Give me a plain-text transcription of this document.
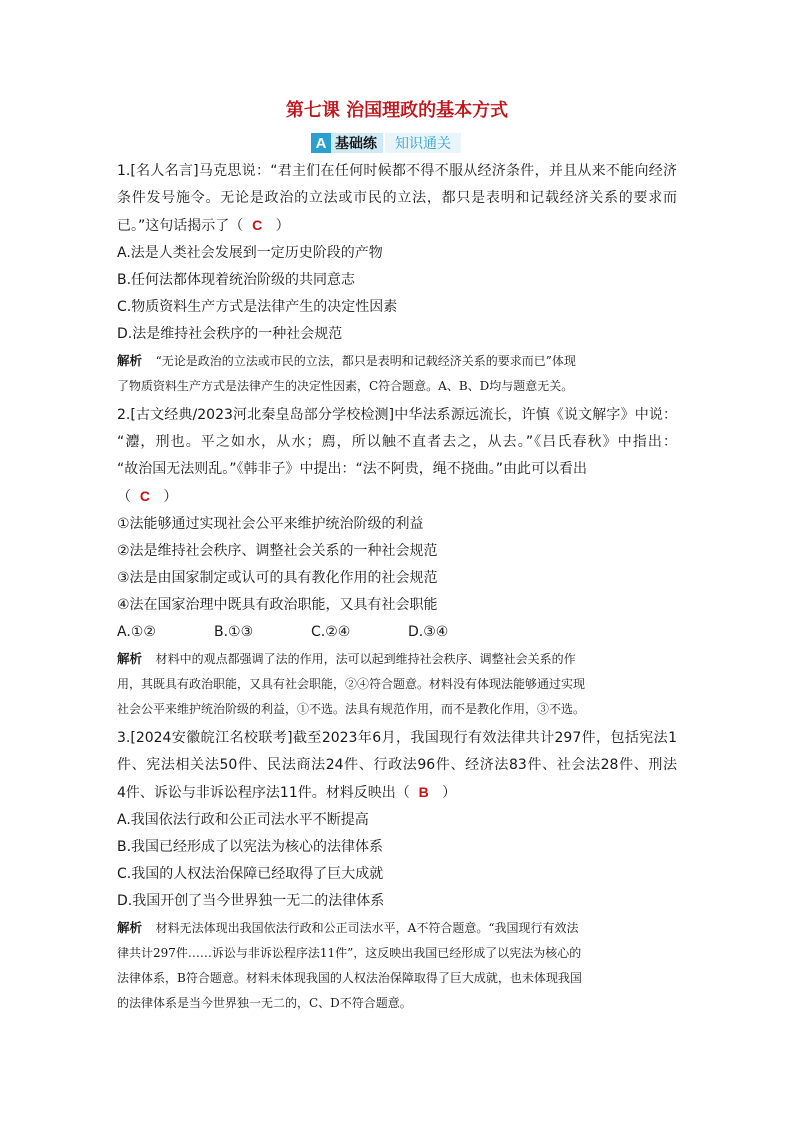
第七课 治国理政的基本方式
A 基础练	知识通关
1.[名人名言]马克思说：“君主们在任何时候都不得不服从经济条件，并且从来不能向经济
条件发号施令。无论是政治的立法或市民的立法，都只是表明和记载经济关系的要求而
已。”这句话揭示了（ C ）
A.法是人类社会发展到一定历史阶段的产物
B.任何法都体现着统治阶级的共同意志
C.物质资料生产方式是法律产生的决定性因素
D.法是维持社会秩序的一种社会规范
解析 “无论是政治的立法或市民的立法，都只是表明和记载经济关系的要求而已”体现
了物质资料生产方式是法律产生的决定性因素，C符合题意。A、B、D均与题意无关。
2.[古文经典/2023河北秦皇岛部分学校检测]中华法系源远流长，许慎《说文解字》中说：
“灋，刑也。平之如水，从水；廌，所以触不直者去之，从去。”《吕氏春秋》中指出：
“故治国无法则乱。”《韩非子》中提出：“法不阿贵，绳不挠曲。”由此可以看出
（ C ）
①法能够通过实现社会公平来维护统治阶级的利益
②法是维持社会秩序、调整社会关系的一种社会规范
③法是由国家制定或认可的具有教化作用的社会规范
④法在国家治理中既具有政治职能，又具有社会职能
A.①②	B.①③	C.②④	D.③④
解析 材料中的观点都强调了法的作用，法可以起到维持社会秩序、调整社会关系的作
用，其既具有政治职能，又具有社会职能，②④符合题意。材料没有体现法能够通过实现
社会公平来维护统治阶级的利益，①不选。法具有规范作用，而不是教化作用，③不选。
3.[2024安徽皖江名校联考]截至2023年6月，我国现行有效法律共计297件，包括宪法1
件、宪法相关法50件、民法商法24件、行政法96件、经济法83件、社会法28件、刑法
4件、诉讼与非诉讼程序法11件。材料反映出（ B ）
A.我国依法行政和公正司法水平不断提高
B.我国已经形成了以宪法为核心的法律体系
C.我国的人权法治保障已经取得了巨大成就
D.我国开创了当今世界独一无二的法律体系
解析 材料无法体现出我国依法行政和公正司法水平，A不符合题意。“我国现行有效法
律共计297件……诉讼与非诉讼程序法11件”，这反映出我国已经形成了以宪法为核心的
法律体系，B符合题意。材料未体现我国的人权法治保障取得了巨大成就，也未体现我国
的法律体系是当今世界独一无二的，C、D不符合题意。
